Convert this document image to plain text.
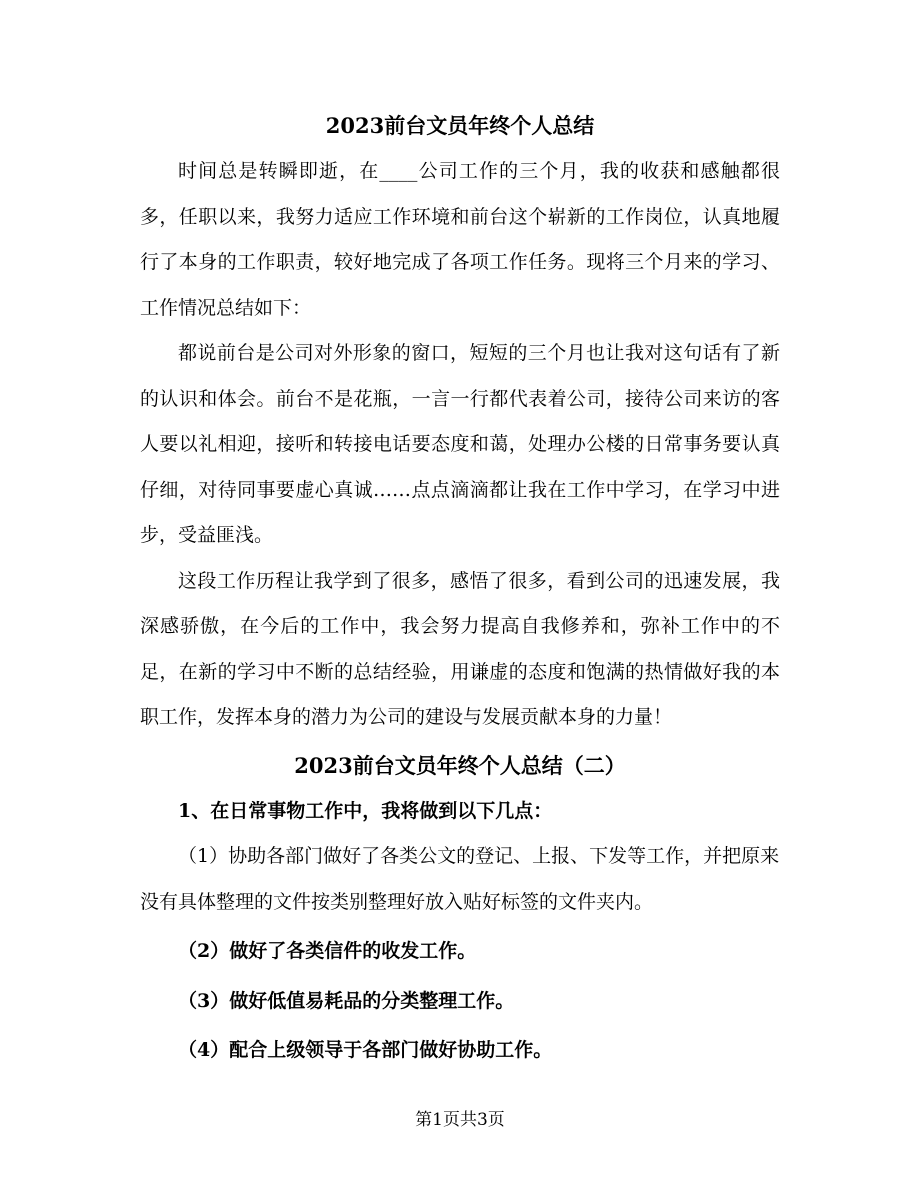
2023前台文员年终个人总结

时间总是转瞬即逝，在____公司工作的三个月，我的收获和感触都很多，任职以来，我努力适应工作环境和前台这个崭新的工作岗位，认真地履行了本身的工作职责，较好地完成了各项工作任务。现将三个月来的学习、工作情况总结如下：

都说前台是公司对外形象的窗口，短短的三个月也让我对这句话有了新的认识和体会。前台不是花瓶，一言一行都代表着公司，接待公司来访的客人要以礼相迎，接听和转接电话要态度和蔼，处理办公楼的日常事务要认真仔细，对待同事要虚心真诚……点点滴滴都让我在工作中学习，在学习中进步，受益匪浅。

这段工作历程让我学到了很多，感悟了很多，看到公司的迅速发展，我深感骄傲，在今后的工作中，我会努力提高自我修养和，弥补工作中的不足，在新的学习中不断的总结经验，用谦虚的态度和饱满的热情做好我的本职工作，发挥本身的潜力为公司的建设与发展贡献本身的力量！

2023前台文员年终个人总结（二）

1、在日常事物工作中，我将做到以下几点：

（1）协助各部门做好了各类公文的登记、上报、下发等工作，并把原来没有具体整理的文件按类别整理好放入贴好标签的文件夹内。

（2）做好了各类信件的收发工作。

（3）做好低值易耗品的分类整理工作。

（4）配合上级领导于各部门做好协助工作。

第1页共3页
